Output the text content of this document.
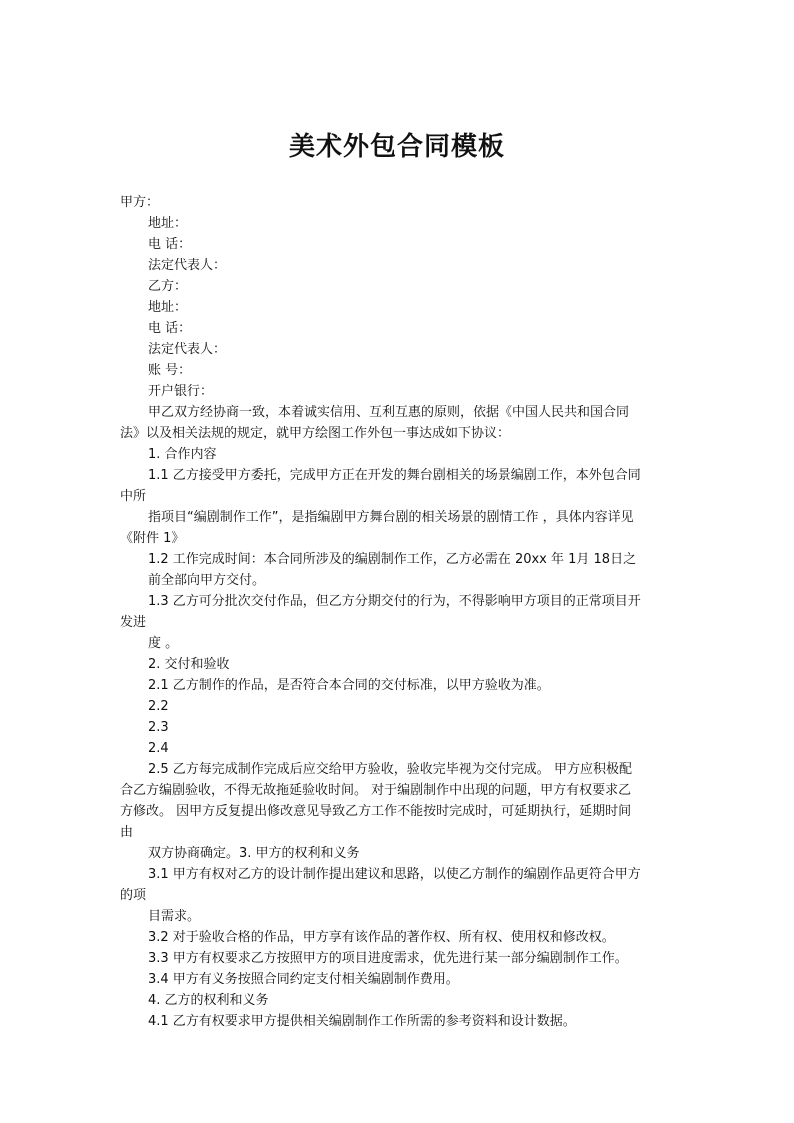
美术外包合同模板
甲方：
地址：
电 话：
法定代表人：
乙方：
地址：
电 话：
法定代表人：
账 号：
开户银行：
甲乙双方经协商一致，本着诚实信用、互利互惠的原则，依据《中国人民共和国合同
法》以及相关法规的规定，就甲方绘图工作外包一事达成如下协议：
1. 合作内容
1.1 乙方接受甲方委托，完成甲方正在开发的舞台剧相关的场景编剧工作，本外包合同
中所
指项目“编剧制作工作”，是指编剧甲方舞台剧的相关场景的剧情工作 ，具体内容详见
《附件 1》
1.2 工作完成时间：本合同所涉及的编剧制作工作，乙方必需在 20xx 年 1月 18日之
前全部向甲方交付。
1.3 乙方可分批次交付作品，但乙方分期交付的行为，不得影响甲方项目的正常项目开
发进
度 。
2. 交付和验收
2.1 乙方制作的作品，是否符合本合同的交付标准，以甲方验收为准。
2.2
2.3
2.4
2.5 乙方每完成制作完成后应交给甲方验收，验收完毕视为交付完成。 甲方应积极配
合乙方编剧验收，不得无故拖延验收时间。 对于编剧制作中出现的问题，甲方有权要求乙
方修改。 因甲方反复提出修改意见导致乙方工作不能按时完成时，可延期执行，延期时间
由
双方协商确定。3. 甲方的权利和义务
3.1 甲方有权对乙方的设计制作提出建议和思路，以使乙方制作的编剧作品更符合甲方
的项
目需求。
3.2 对于验收合格的作品，甲方享有该作品的著作权、所有权、使用权和修改权。
3.3 甲方有权要求乙方按照甲方的项目进度需求，优先进行某一部分编剧制作工作。
3.4 甲方有义务按照合同约定支付相关编剧制作费用。
4. 乙方的权利和义务
4.1 乙方有权要求甲方提供相关编剧制作工作所需的参考资料和设计数据。
